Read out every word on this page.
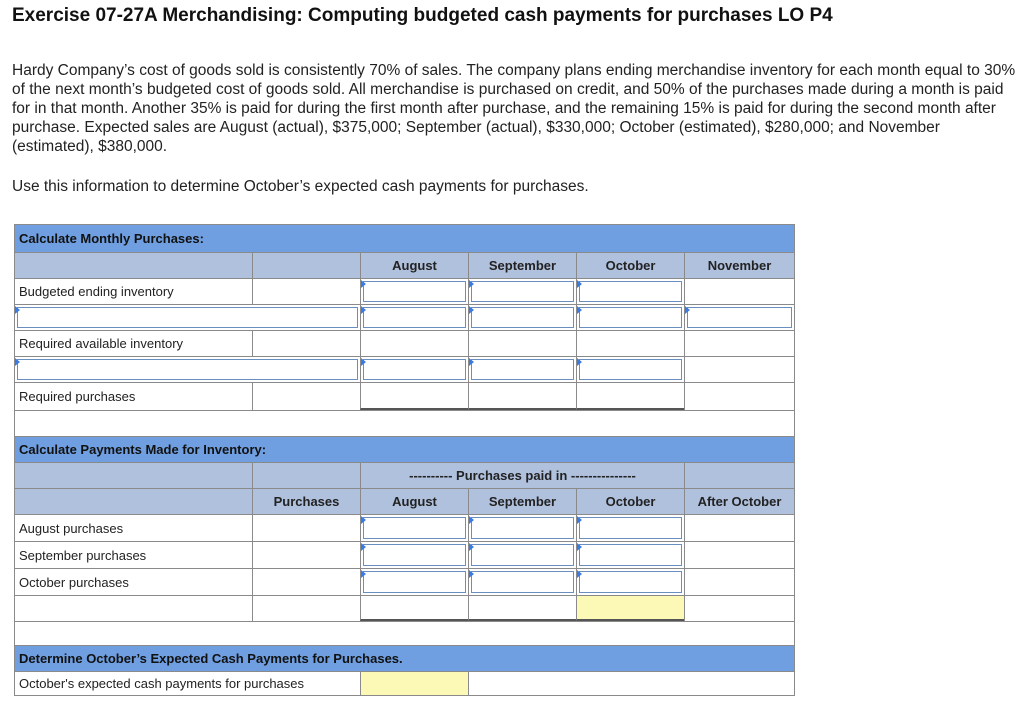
Exercise 07-27A Merchandising: Computing budgeted cash payments for purchases LO P4
Hardy Company’s cost of goods sold is consistently 70% of sales. The company plans ending merchandise inventory for each month equal to 30% of the next month’s budgeted cost of goods sold. All merchandise is purchased on credit, and 50% of the purchases made during a month is paid for in that month. Another 35% is paid for during the first month after purchase, and the remaining 15% is paid for during the second month after purchase. Expected sales are August (actual), $375,000; September (actual), $330,000; October (estimated), $280,000; and November (estimated), $380,000.
Use this information to determine October’s expected cash payments for purchases.
Calculate Monthly Purchases:
August	September	October	November
Budgeted ending inventory
Required available inventory
Required purchases
Calculate Payments Made for Inventory:
---------- Purchases paid in ---------------
Purchases	August	September	October	After October
August purchases
September purchases
October purchases
Determine October’s Expected Cash Payments for Purchases.
October's expected cash payments for purchases
